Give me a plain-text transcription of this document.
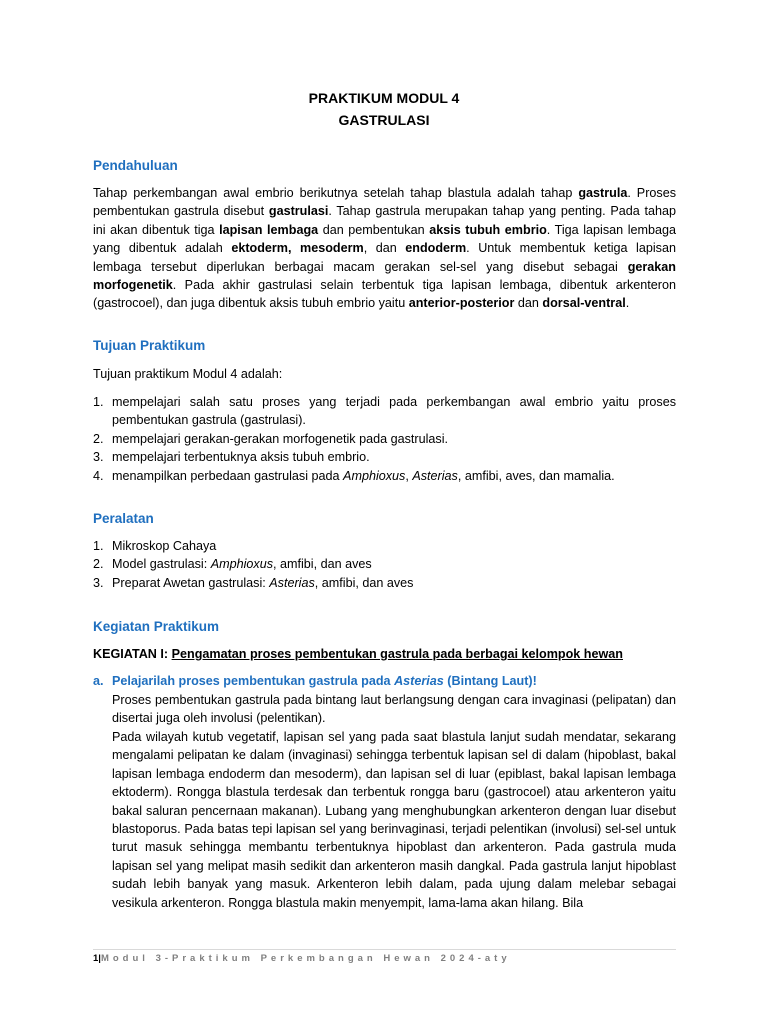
PRAKTIKUM MODUL 4
GASTRULASI
Pendahuluan
Tahap perkembangan awal embrio berikutnya setelah tahap blastula adalah tahap gastrula. Proses pembentukan gastrula disebut gastrulasi. Tahap gastrula merupakan tahap yang penting. Pada tahap ini akan dibentuk tiga lapisan lembaga dan pembentukan aksis tubuh embrio. Tiga lapisan lembaga yang dibentuk adalah ektoderm, mesoderm, dan endoderm. Untuk membentuk ketiga lapisan lembaga tersebut diperlukan berbagai macam gerakan sel-sel yang disebut sebagai gerakan morfogenetik. Pada akhir gastrulasi selain terbentuk tiga lapisan lembaga, dibentuk arkenteron (gastrocoel), dan juga dibentuk aksis tubuh embrio yaitu anterior-posterior dan dorsal-ventral.
Tujuan Praktikum
Tujuan praktikum Modul 4 adalah:
1. mempelajari salah satu proses yang terjadi pada perkembangan awal embrio yaitu proses pembentukan gastrula (gastrulasi).
2. mempelajari gerakan-gerakan morfogenetik pada gastrulasi.
3. mempelajari terbentuknya aksis tubuh embrio.
4. menampilkan perbedaan gastrulasi pada Amphioxus, Asterias, amfibi, aves, dan mamalia.
Peralatan
1. Mikroskop Cahaya
2. Model gastrulasi: Amphioxus, amfibi, dan aves
3. Preparat Awetan gastrulasi: Asterias, amfibi, dan aves
Kegiatan Praktikum
KEGIATAN I: Pengamatan proses pembentukan gastrula pada berbagai kelompok hewan
a. Pelajarilah proses pembentukan gastrula pada Asterias (Bintang Laut)!
Proses pembentukan gastrula pada bintang laut berlangsung dengan cara invaginasi (pelipatan) dan disertai juga oleh involusi (pelentikan).
Pada wilayah kutub vegetatif, lapisan sel yang pada saat blastula lanjut sudah mendatar, sekarang mengalami pelipatan ke dalam (invaginasi) sehingga terbentuk lapisan sel di dalam (hipoblast, bakal lapisan lembaga endoderm dan mesoderm), dan lapisan sel di luar (epiblast, bakal lapisan lembaga ektoderm). Rongga blastula terdesak dan terbentuk rongga baru (gastrocoel) atau arkenteron yaitu bakal saluran pencernaan makanan). Lubang yang menghubungkan arkenteron dengan luar disebut blastoporus. Pada batas tepi lapisan sel yang berinvaginasi, terjadi pelentikan (involusi) sel-sel untuk turut masuk sehingga membantu terbentuknya hipoblast dan arkenteron. Pada gastrula muda lapisan sel yang melipat masih sedikit dan arkenteron masih dangkal. Pada gastrula lanjut hipoblast sudah lebih banyak yang masuk. Arkenteron lebih dalam, pada ujung dalam melebar sebagai vesikula arkenteron. Rongga blastula makin menyempit, lama-lama akan hilang. Bila
1|Modul 3-Praktikum Perkembangan Hewan 2024-aty
